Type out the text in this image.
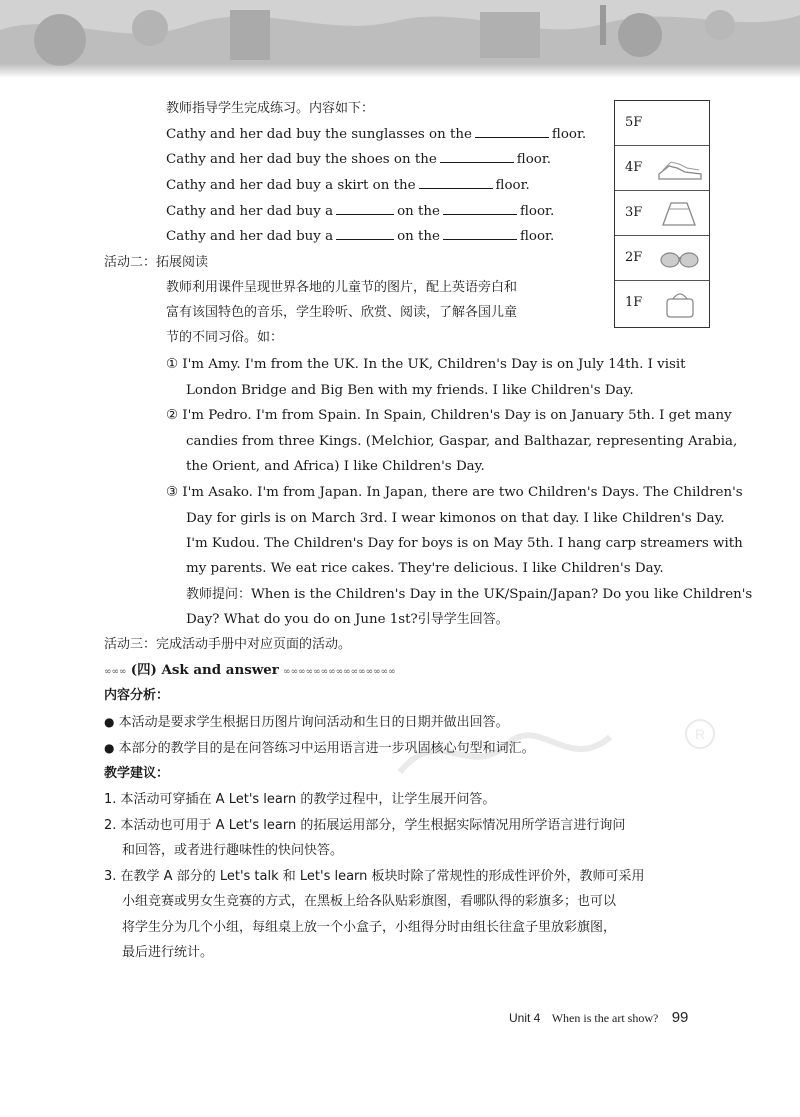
教师指导学生完成练习。内容如下：
Cathy and her dad buy the sunglasses on the	floor.
Cathy and her dad buy the shoes on the	floor.
Cathy and her dad buy a skirt on the	floor.
Cathy and her dad buy a	on the	floor.
Cathy and her dad buy a	on the	floor.
5F
4F
3F
2F
1F
活动二：拓展阅读
教师利用课件呈现世界各地的儿童节的图片，配上英语旁白和
富有该国特色的音乐，学生聆听、欣赏、阅读，了解各国儿童
节的不同习俗。如：
① I'm Amy. I'm from the UK. In the UK, Children's Day is on July 14th. I visit
London Bridge and Big Ben with my friends. I like Children's Day.
② I'm Pedro. I'm from Spain. In Spain, Children's Day is on January 5th. I get many
candies from three Kings. (Melchior, Gaspar, and Balthazar, representing Arabia,
the Orient, and Africa) I like Children's Day.
③ I'm Asako. I'm from Japan. In Japan, there are two Children's Days. The Children's
Day for girls is on March 3rd. I wear kimonos on that day. I like Children's Day.
I'm Kudou. The Children's Day for boys is on May 5th. I hang carp streamers with
my parents. We eat rice cakes. They're delicious. I like Children's Day.
教师提问：When is the Children's Day in the UK/Spain/Japan? Do you like Children's
Day? What do you do on June 1st?引导学生回答。
活动三：完成活动手册中对应页面的活动。
∞∞∞ (四) Ask and answer ∞∞∞∞∞∞∞∞∞∞∞∞∞∞∞
内容分析：
● 本活动是要求学生根据日历图片询问活动和生日的日期并做出回答。
● 本部分的教学目的是在问答练习中运用语言进一步巩固核心句型和词汇。
R
教学建议：
1. 本活动可穿插在 A Let's learn 的教学过程中，让学生展开问答。
2. 本活动也可用于 A Let's learn 的拓展运用部分，学生根据实际情况用所学语言进行询问
和回答，或者进行趣味性的快问快答。
3. 在教学 A 部分的 Let's talk 和 Let's learn 板块时除了常规性的形成性评价外，教师可采用
小组竞赛或男女生竞赛的方式，在黑板上给各队贴彩旗图，看哪队得的彩旗多；也可以
将学生分为几个小组，每组桌上放一个小盒子，小组得分时由组长往盒子里放彩旗图，
最后进行统计。
Unit 4 When is the art show? 99
